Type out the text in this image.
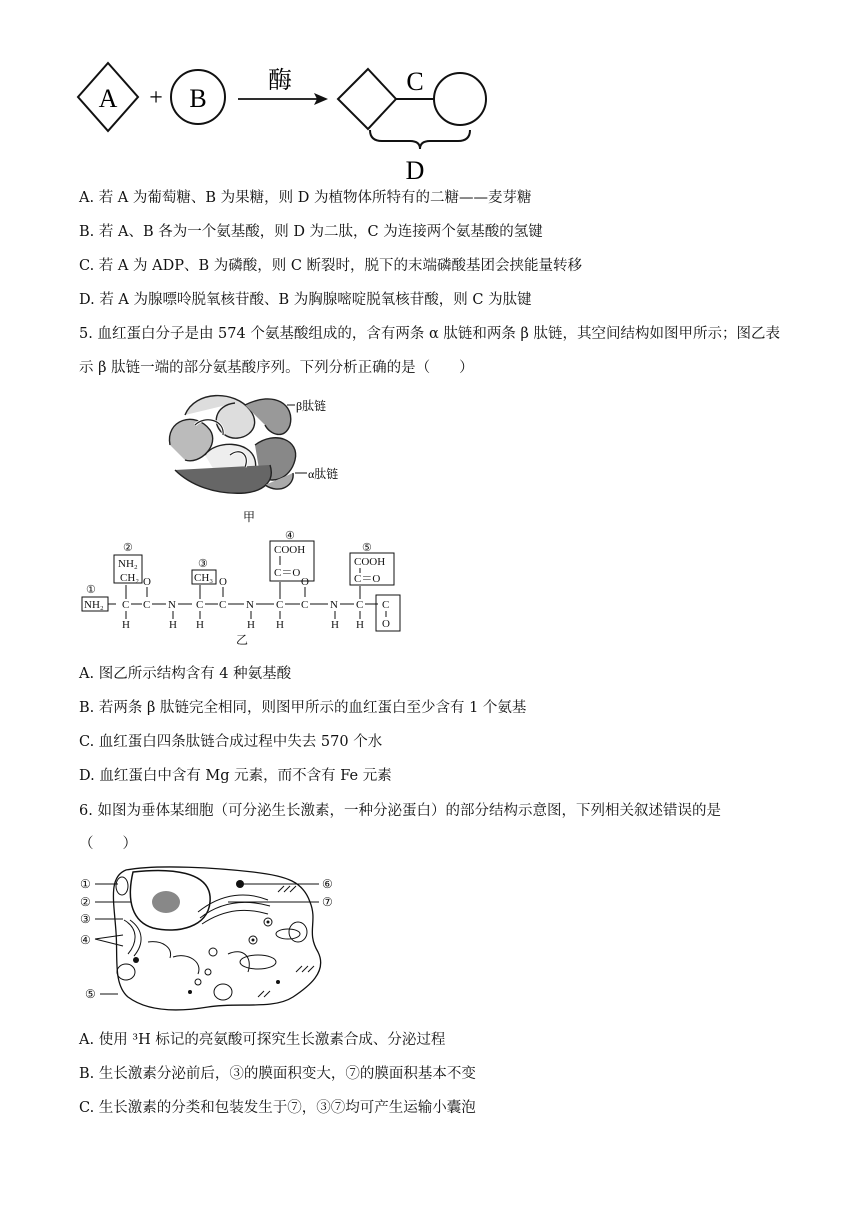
A + B
酶	C
D
A. 若 A 为葡萄糖、B 为果糖，则 D 为植物体所特有的二糖——麦芽糖
B. 若 A、B 各为一个氨基酸，则 D 为二肽，C 为连接两个氨基酸的氢键
C. 若 A 为 ADP、B 为磷酸，则 C 断裂时，脱下的末端磷酸基团会挟能量转移
D. 若 A 为腺嘌呤脱氧核苷酸、B 为胸腺嘧啶脱氧核苷酸，则 C 为肽键
5. 血红蛋白分子是由 574 个氨基酸组成的，含有两条 α 肽链和两条 β 肽链，其空间结构如图甲所示；图乙表示 β 肽链一端的部分氨基酸序列。下列分析正确的是（　　）
β肽链
α肽链
甲
①
②
③
④
⑤
NH₂
NH₂
CH₂
C
H
C
O
N
H
CH₃
C
H
C
O
N
H
COOH
C＝O
C
H
C
O
N
H
COOH
C＝O
C
H
C
O
乙
A. 图乙所示结构含有 4 种氨基酸
B. 若两条 β 肽链完全相同，则图甲所示的血红蛋白至少含有 1 个氨基
C. 血红蛋白四条肽链合成过程中失去 570 个水
D. 血红蛋白中含有 Mg 元素，而不含有 Fe 元素
6. 如图为垂体某细胞（可分泌生长激素，一种分泌蛋白）的部分结构示意图，下列相关叙述错误的是
（　　）
①
②
③
④
⑤
⑥
⑦
A. 使用 ³H 标记的亮氨酸可探究生长激素合成、分泌过程
B. 生长激素分泌前后，③的膜面积变大，⑦的膜面积基本不变
C. 生长激素的分类和包装发生于⑦，③⑦均可产生运输小囊泡
